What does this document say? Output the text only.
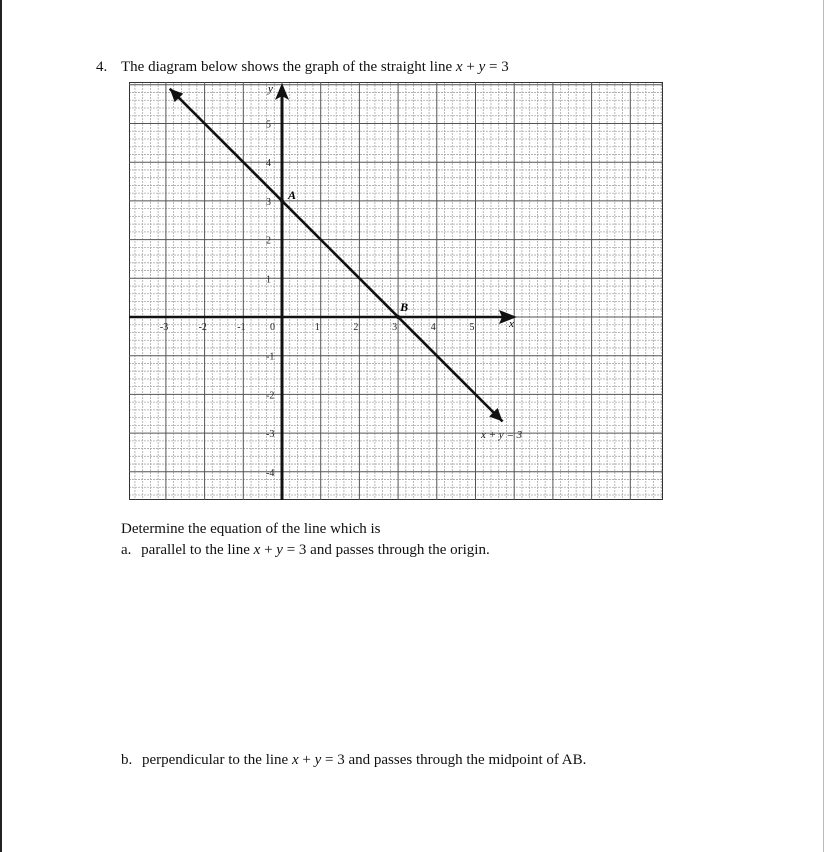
4. The diagram below shows the graph of the straight line x + y = 3
x
y
-3	-2	-1 0	1	2	3	4	5
5
4
3
2
1
-1
-2
-3
-4
A
B
x + y = 3
Determine the equation of the line which is
a. parallel to the line x + y = 3 and passes through the origin.
b. perpendicular to the line x + y = 3 and passes through the midpoint of AB.
